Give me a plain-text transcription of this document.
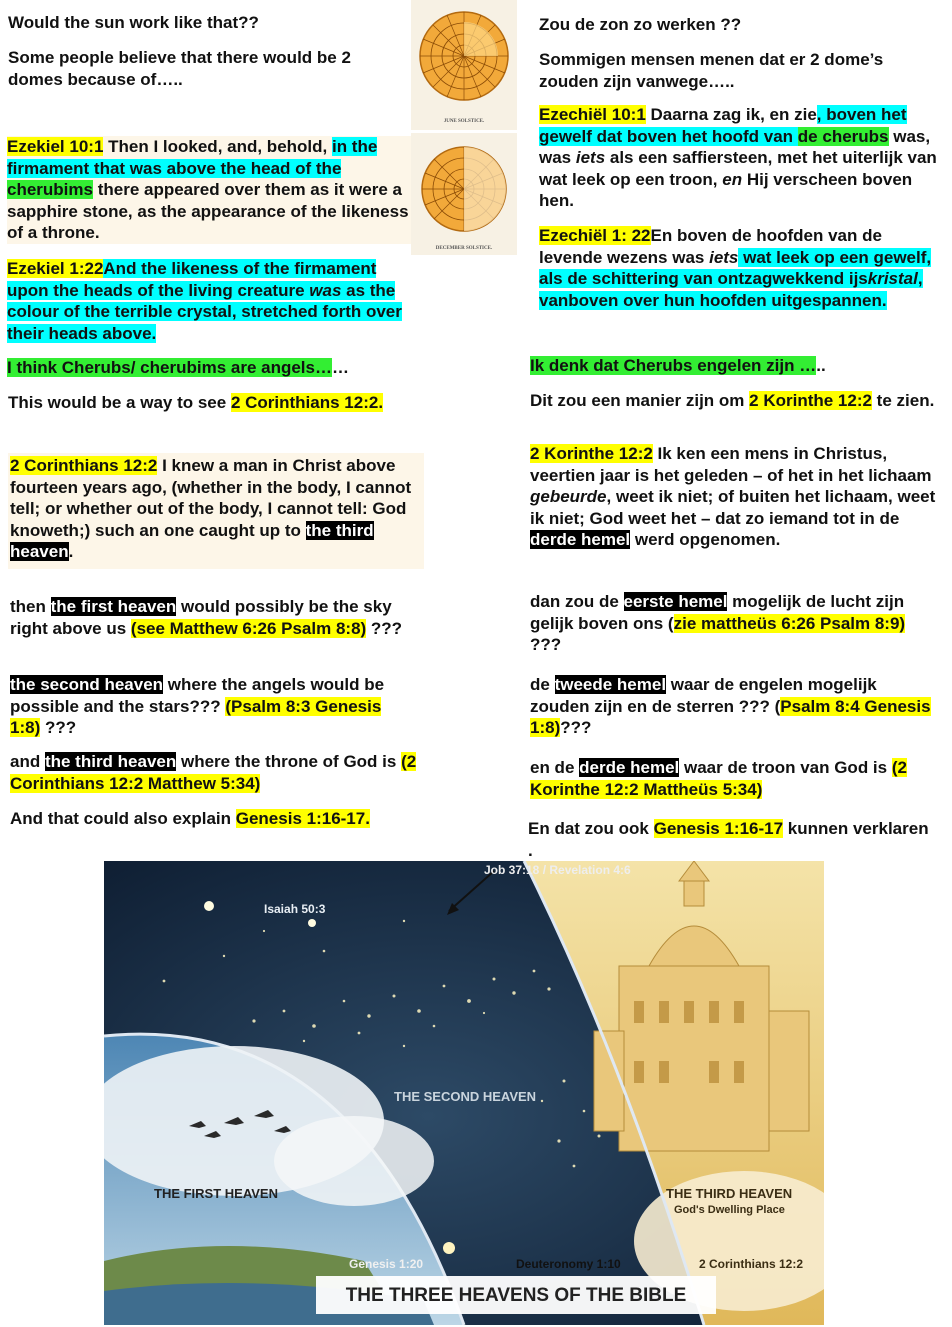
Would the sun work like that??
Some people believe that there would be 2 domes because of…..
Ezekiel 10:1 Then I looked, and, behold, in the firmament that was above the head of the cherubims there appeared over them as it were a sapphire stone, as the appearance of the likeness of a throne.
Ezekiel 1:22And the likeness of the firmament upon the heads of the living creature was as the colour of the terrible crystal, stretched forth over their heads above.
I think Cherubs/ cherubims are angels……
This would be a way to see 2 Corinthians 12:2.
2 Corinthians 12:2 I knew a man in Christ above fourteen years ago, (whether in the body, I cannot tell; or whether out of the body, I cannot tell: God knoweth;) such an one caught up to the third heaven.
then the first heaven would possibly be the sky right above us (see Matthew 6:26 Psalm 8:8) ???
the second heaven where the angels would be possible and the stars??? (Psalm 8:3 Genesis 1:8) ???
and the third heaven where the throne of God is (2 Corinthians 12:2 Matthew 5:34)
And that could also explain Genesis 1:16-17.
JUNE SOLSTICE.
DECEMBER SOLSTICE.
Zou de zon zo werken ??
Sommigen mensen menen dat er 2 dome’s zouden zijn vanwege…..
Ezechiël 10:1 Daarna zag ik, en zie, boven het gewelf dat boven het hoofd van de cherubs was, was iets als een saffiersteen, met het uiterlijk van wat leek op een troon, en Hij verscheen boven hen.
Ezechiël 1: 22En boven de hoofden van de levende wezens was iets wat leek op een gewelf, als de schittering van ontzagwekkend ijskristal, vanboven over hun hoofden uitgespannen.
Ik denk dat Cherubs engelen zijn …..
Dit zou een manier zijn om 2 Korinthe 12:2 te zien.
2 Korinthe 12:2 Ik ken een mens in Christus, veertien jaar is het geleden – of het in het lichaam gebeurde, weet ik niet; of buiten het lichaam, weet ik niet; God weet het – dat zo iemand tot in de derde hemel werd opgenomen.
dan zou de eerste hemel mogelijk de lucht zijn gelijk boven ons (zie mattheüs 6:26 Psalm 8:9) ???
de tweede hemel waar de engelen mogelijk zouden zijn en de sterren ??? (Psalm 8:4 Genesis 1:8)???
en de derde hemel waar de troon van God is (2 Korinthe 12:2 Mattheüs 5:34)
En dat zou ook Genesis 1:16-17 kunnen verklaren .
Job 37:18 / Revelation 4:6
Isaiah 50:3
THE SECOND HEAVEN
THE FIRST HEAVEN	THE THIRD HEAVEN
God's Dwelling Place
Genesis 1:20	Deuteronomy 1:10	2 Corinthians 12:2
THE THREE HEAVENS OF THE BIBLE
